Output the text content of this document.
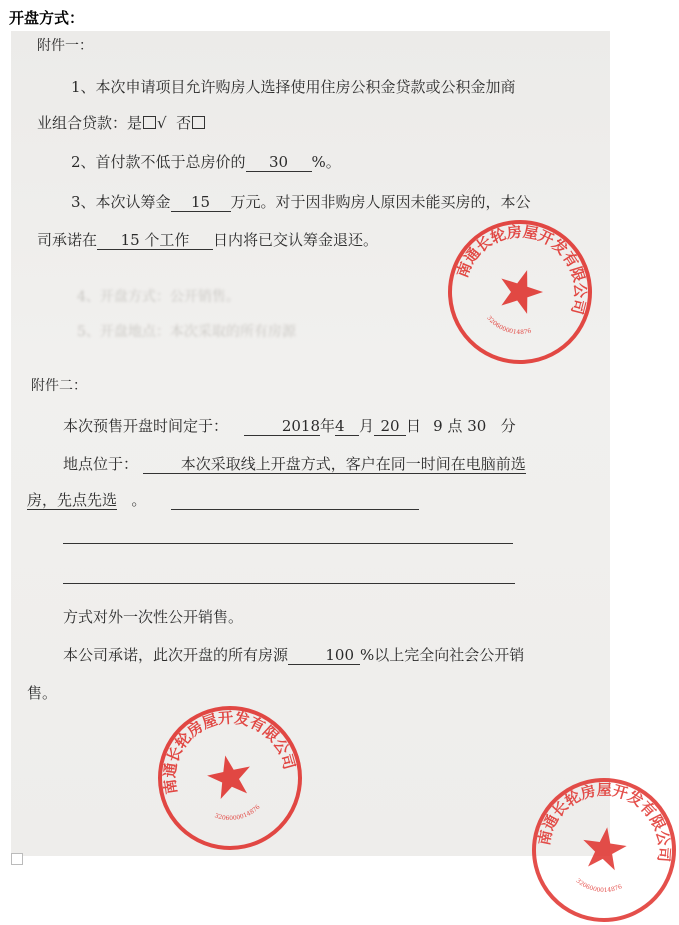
开盘方式：
4、开盘方式：公开销售。
5、开盘地点：本次采取的所有房源
附件一：
1、本次申请项目允许购房人选择使用住房公积金贷款或公积金加商
业组合贷款：是 √ 否
2、首付款不低于总房价的 30 %。
3、本次认筹金 15 万元。对于因非购房人原因未能买房的，本公
司承诺在 15 个工作 日内将已交认筹金退还。
附件二：
本次预售开盘时间定于：	2018年4 月 20 日 9 点 30 分
地点位于：	本次采取线上开盘方式，客户在同一时间在电脑前选
房，先点先选 。
方式对外一次性公开销售。
本公司承诺，此次开盘的所有房源 100 %以上完全向社会公开销
售。
南通长轮房屋开发有限公司
3206000014876
南通长轮房屋开发有限公司
3206000014876
南通长轮房屋开发有限公司
3206000014876
